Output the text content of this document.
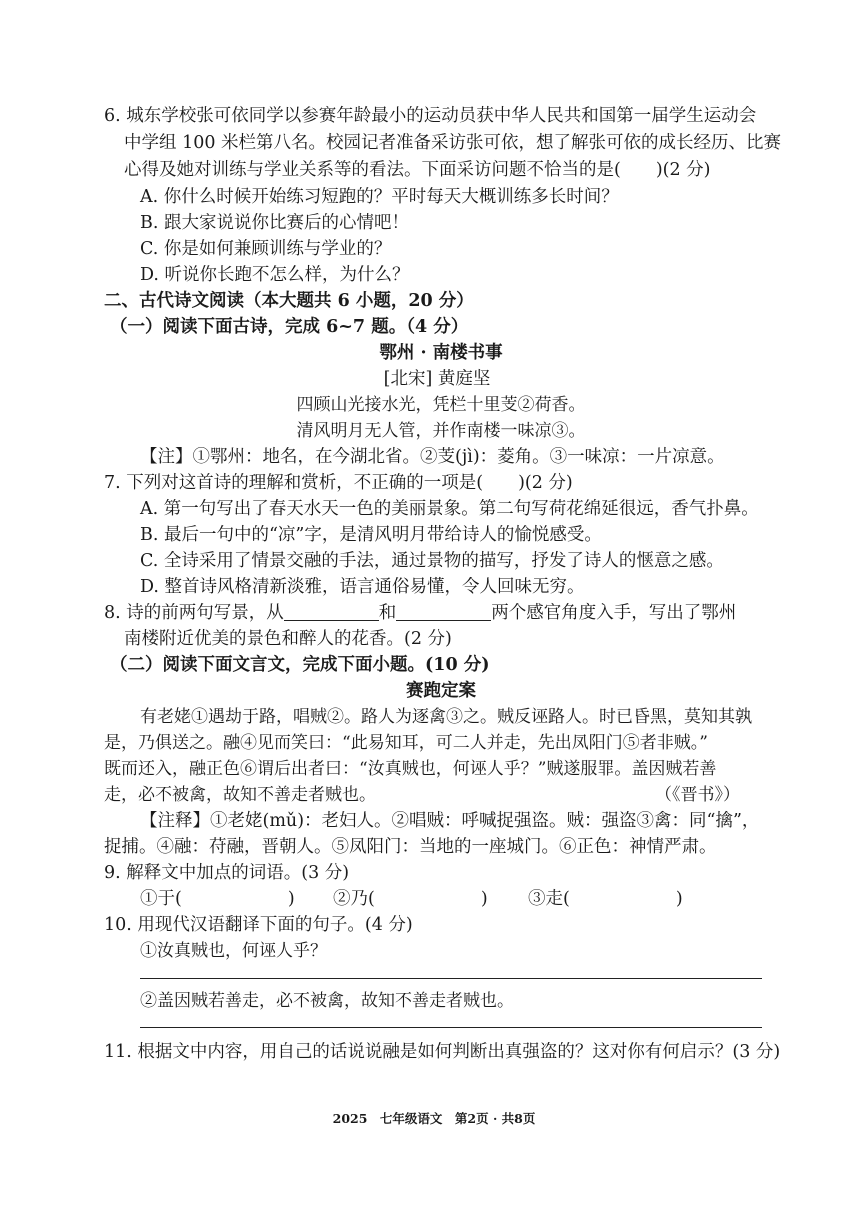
6. 城东学校张可依同学以参赛年龄最小的运动员获中华人民共和国第一届学生运动会
中学组 100 米栏第八名。校园记者准备采访张可依，想了解张可依的成长经历、比赛
心得及她对训练与学业关系等的看法。下面采访问题不恰当的是(　　)(2 分)
A. 你什么时候开始练习短跑的？平时每天大概训练多长时间？
B. 跟大家说说你比赛后的心情吧！
C. 你是如何兼顾训练与学业的？
D. 听说你长跑不怎么样，为什么？
二、古代诗文阅读（本大题共 6 小题，20 分）
（一）阅读下面古诗，完成 6~7 题。（4 分）
鄂州 · 南楼书事
[北宋] 黄庭坚
四顾山光接水光，凭栏十里芰②荷香。
清风明月无人管，并作南楼一味凉③。
【注】①鄂州：地名，在今湖北省。②芰(jì)：菱角。③一味凉：一片凉意。
7. 下列对这首诗的理解和赏析，不正确的一项是(　　)(2 分)
A. 第一句写出了春天水天一色的美丽景象。第二句写荷花绵延很远，香气扑鼻。
B. 最后一句中的“凉”字，是清风明月带给诗人的愉悦感受。
C. 全诗采用了情景交融的手法，通过景物的描写，抒发了诗人的惬意之感。
D. 整首诗风格清新淡雅，语言通俗易懂，令人回味无穷。
8. 诗的前两句写景，从	和	两个感官角度入手，写出了鄂州
南楼附近优美的景色和醉人的花香。(2 分)
（二）阅读下面文言文，完成下面小题。(10 分)
赛跑定案
有老姥①遇劫于路，唱贼②。路人为逐禽③之。贼反诬路人。时已昏黑，莫知其孰
是，乃俱送之。融④见而笑曰：“此易知耳，可二人并走，先出凤阳门⑤者非贼。”
既而还入，融正色⑥谓后出者曰：“汝真贼也，何诬人乎？”贼遂服罪。盖因贼若善
走，必不被禽，故知不善走者贼也。	（《晋书》）
【注释】①老姥(mǔ)：老妇人。②唱贼：呼喊捉强盗。贼：强盗③禽：同“擒”，
捉捕。④融：苻融，晋朝人。⑤凤阳门：当地的一座城门。⑥正色：神情严肃。
9. 解释文中加点的词语。(3 分)
①于(	) ②乃(	) ③走(	)
10. 用现代汉语翻译下面的句子。(4 分)
①汝真贼也，何诬人乎？
②盖因贼若善走，必不被禽，故知不善走者贼也。
11. 根据文中内容，用自己的话说说融是如何判断出真强盗的？这对你有何启示？(3 分)
2025　七年级语文　第2页 · 共8页
